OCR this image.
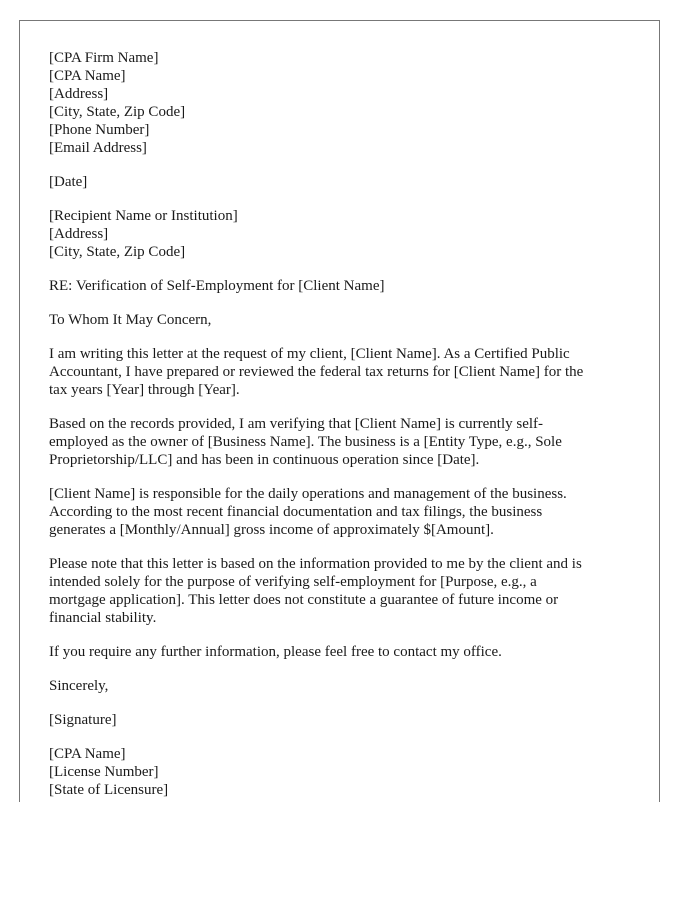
[CPA Firm Name]
[CPA Name]
[Address]
[City, State, Zip Code]
[Phone Number]
[Email Address]
[Date]
[Recipient Name or Institution]
[Address]
[City, State, Zip Code]

RE: Verification of Self-Employment for [Client Name]

To Whom It May Concern,

I am writing this letter at the request of my client, [Client Name]. As a Certified Public
Accountant, I have prepared or reviewed the federal tax returns for [Client Name] for the
tax years [Year] through [Year].

Based on the records provided, I am verifying that [Client Name] is currently self-
employed as the owner of [Business Name]. The business is a [Entity Type, e.g., Sole
Proprietorship/LLC] and has been in continuous operation since [Date].

[Client Name] is responsible for the daily operations and management of the business.
According to the most recent financial documentation and tax filings, the business
generates a [Monthly/Annual] gross income of approximately $[Amount].

Please note that this letter is based on the information provided to me by the client and is
intended solely for the purpose of verifying self-employment for [Purpose, e.g., a
mortgage application]. This letter does not constitute a guarantee of future income or
financial stability.

If you require any further information, please feel free to contact my office.

Sincerely,

[Signature]

[CPA Name]
[License Number]
[State of Licensure]
